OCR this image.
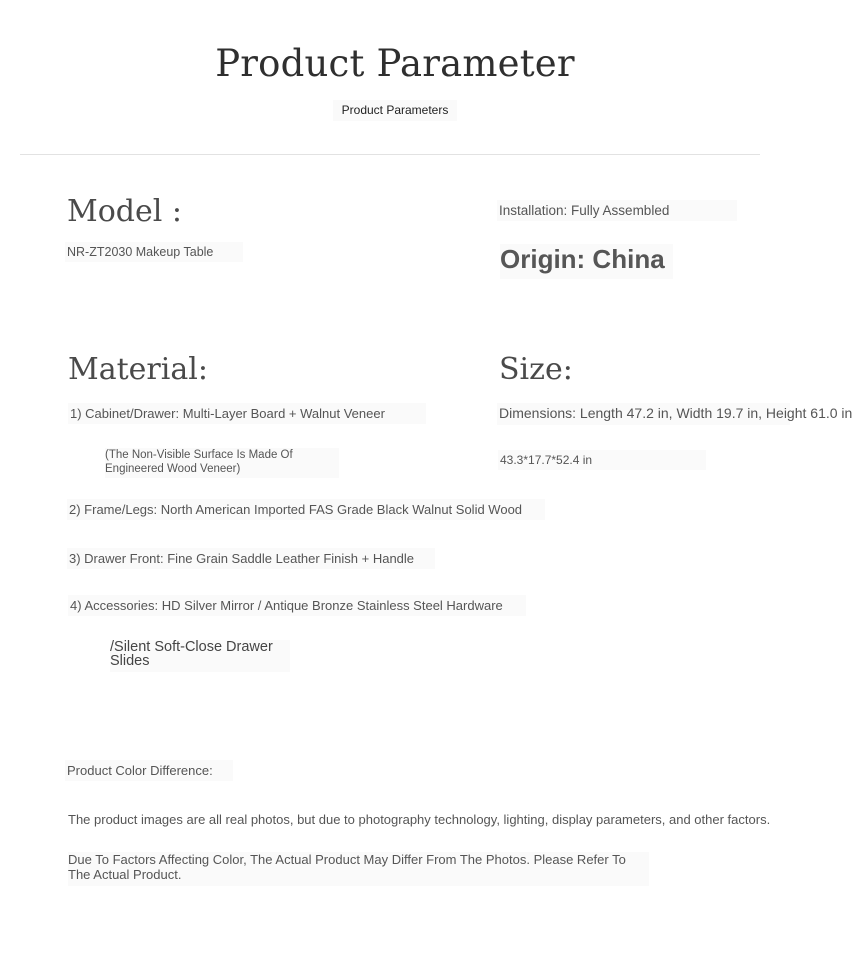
Product Parameter
Product Parameters
Model :
NR-ZT2030 Makeup Table
Installation: Fully Assembled
Origin: China
Material:
1) Cabinet/Drawer: Multi-Layer Board + Walnut Veneer
(The Non-Visible Surface Is Made Of Engineered Wood Veneer)
2) Frame/Legs: North American Imported FAS Grade Black Walnut Solid Wood
3) Drawer Front: Fine Grain Saddle Leather Finish + Handle
4) Accessories: HD Silver Mirror / Antique Bronze Stainless Steel Hardware
/Silent Soft-Close Drawer Slides
Size:
Dimensions: Length 47.2 in, Width 19.7 in, Height 61.0 in
43.3*17.7*52.4 in
Product Color Difference:
The product images are all real photos, but due to photography technology, lighting, display parameters, and other factors.
Due To Factors Affecting Color, The Actual Product May Differ From The Photos. Please Refer To The Actual Product.
